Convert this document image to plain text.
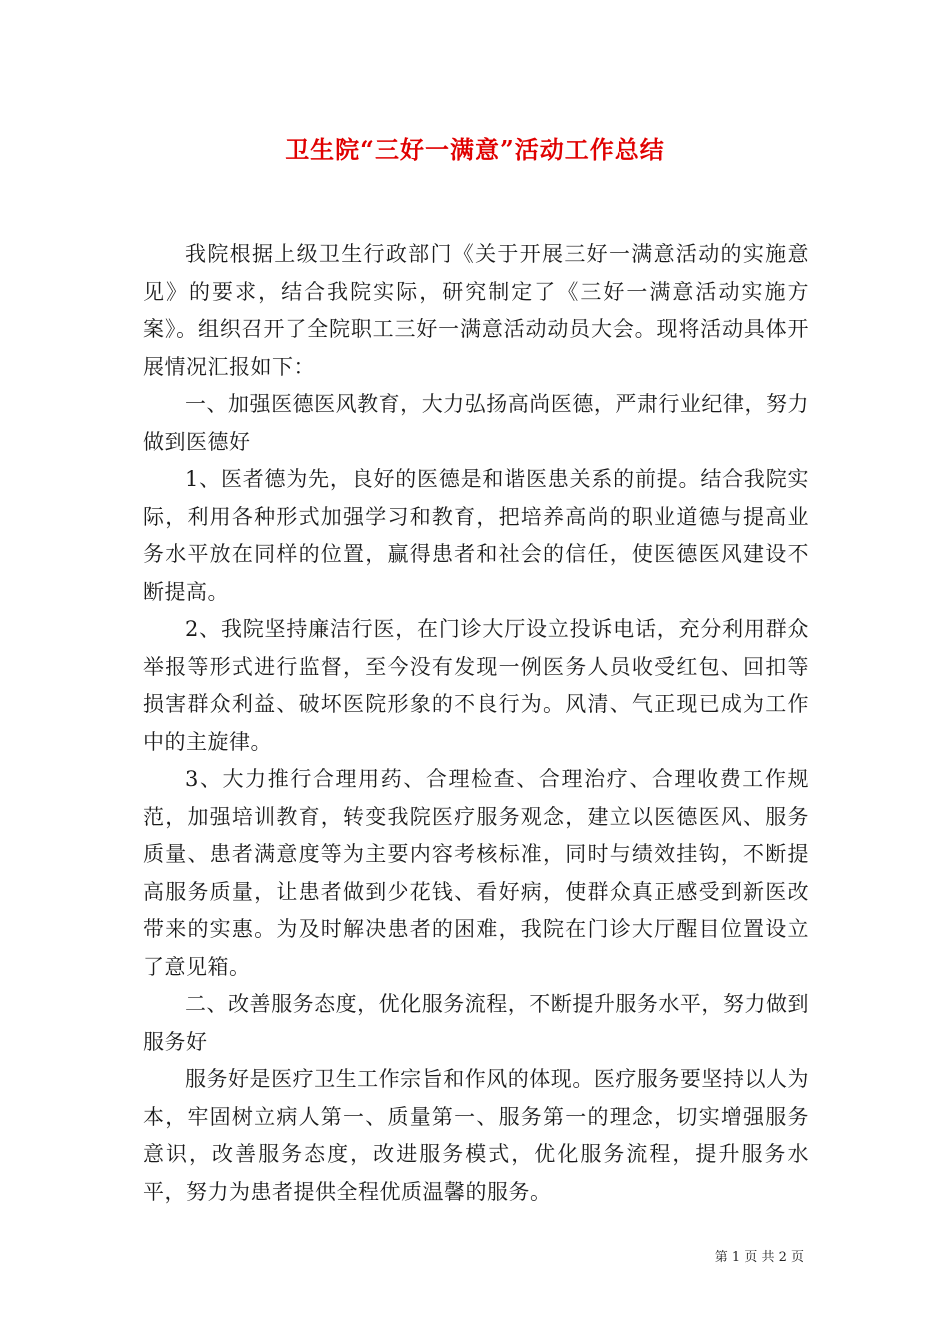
卫生院“三好一满意”活动工作总结

我院根据上级卫生行政部门《关于开展三好一满意活动的实施意见》的要求，结合我院实际，研究制定了《三好一满意活动实施方案》。组织召开了全院职工三好一满意活动动员大会。现将活动具体开展情况汇报如下：

一、加强医德医风教育，大力弘扬高尚医德，严肃行业纪律，努力做到医德好

1、医者德为先，良好的医德是和谐医患关系的前提。结合我院实际，利用各种形式加强学习和教育，把培养高尚的职业道德与提高业务水平放在同样的位置，赢得患者和社会的信任，使医德医风建设不断提高。

2、我院坚持廉洁行医，在门诊大厅设立投诉电话，充分利用群众举报等形式进行监督，至今没有发现一例医务人员收受红包、回扣等损害群众利益、破坏医院形象的不良行为。风清、气正现已成为工作中的主旋律。

3、大力推行合理用药、合理检查、合理治疗、合理收费工作规范，加强培训教育，转变我院医疗服务观念，建立以医德医风、服务质量、患者满意度等为主要内容考核标准，同时与绩效挂钩，不断提高服务质量，让患者做到少花钱、看好病，使群众真正感受到新医改带来的实惠。为及时解决患者的困难，我院在门诊大厅醒目位置设立了意见箱。

二、改善服务态度，优化服务流程，不断提升服务水平，努力做到服务好

服务好是医疗卫生工作宗旨和作风的体现。医疗服务要坚持以人为本，牢固树立病人第一、质量第一、服务第一的理念，切实增强服务意识，改善服务态度，改进服务模式，优化服务流程，提升服务水平，努力为患者提供全程优质温馨的服务。

第 1 页 共 2 页
